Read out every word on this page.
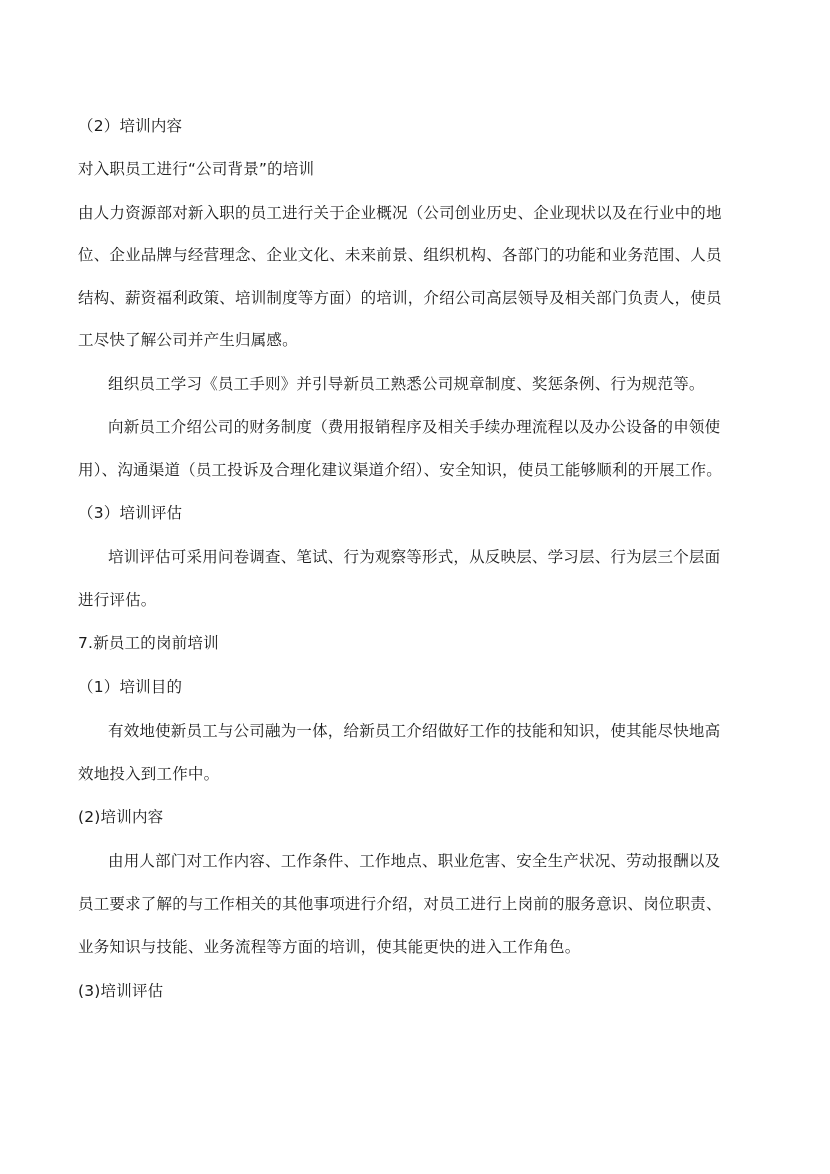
（2）培训内容
对入职员工进行“公司背景”的培训
由人力资源部对新入职的员工进行关于企业概况（公司创业历史、企业现状以及在行业中的地
位、企业品牌与经营理念、企业文化、未来前景、组织机构、各部门的功能和业务范围、人员
结构、薪资福利政策、培训制度等方面）的培训，介绍公司高层领导及相关部门负责人，使员
工尽快了解公司并产生归属感。
组织员工学习《员工手则》并引导新员工熟悉公司规章制度、奖惩条例、行为规范等。
向新员工介绍公司的财务制度（费用报销程序及相关手续办理流程以及办公设备的申领使
用）、沟通渠道（员工投诉及合理化建议渠道介绍）、安全知识，使员工能够顺利的开展工作。
（3）培训评估
培训评估可采用问卷调查、笔试、行为观察等形式，从反映层、学习层、行为层三个层面
进行评估。
7.新员工的岗前培训
（1）培训目的
有效地使新员工与公司融为一体，给新员工介绍做好工作的技能和知识，使其能尽快地高
效地投入到工作中。
(2)培训内容
由用人部门对工作内容、工作条件、工作地点、职业危害、安全生产状况、劳动报酬以及
员工要求了解的与工作相关的其他事项进行介绍，对员工进行上岗前的服务意识、岗位职责、
业务知识与技能、业务流程等方面的培训，使其能更快的进入工作角色。
(3)培训评估
